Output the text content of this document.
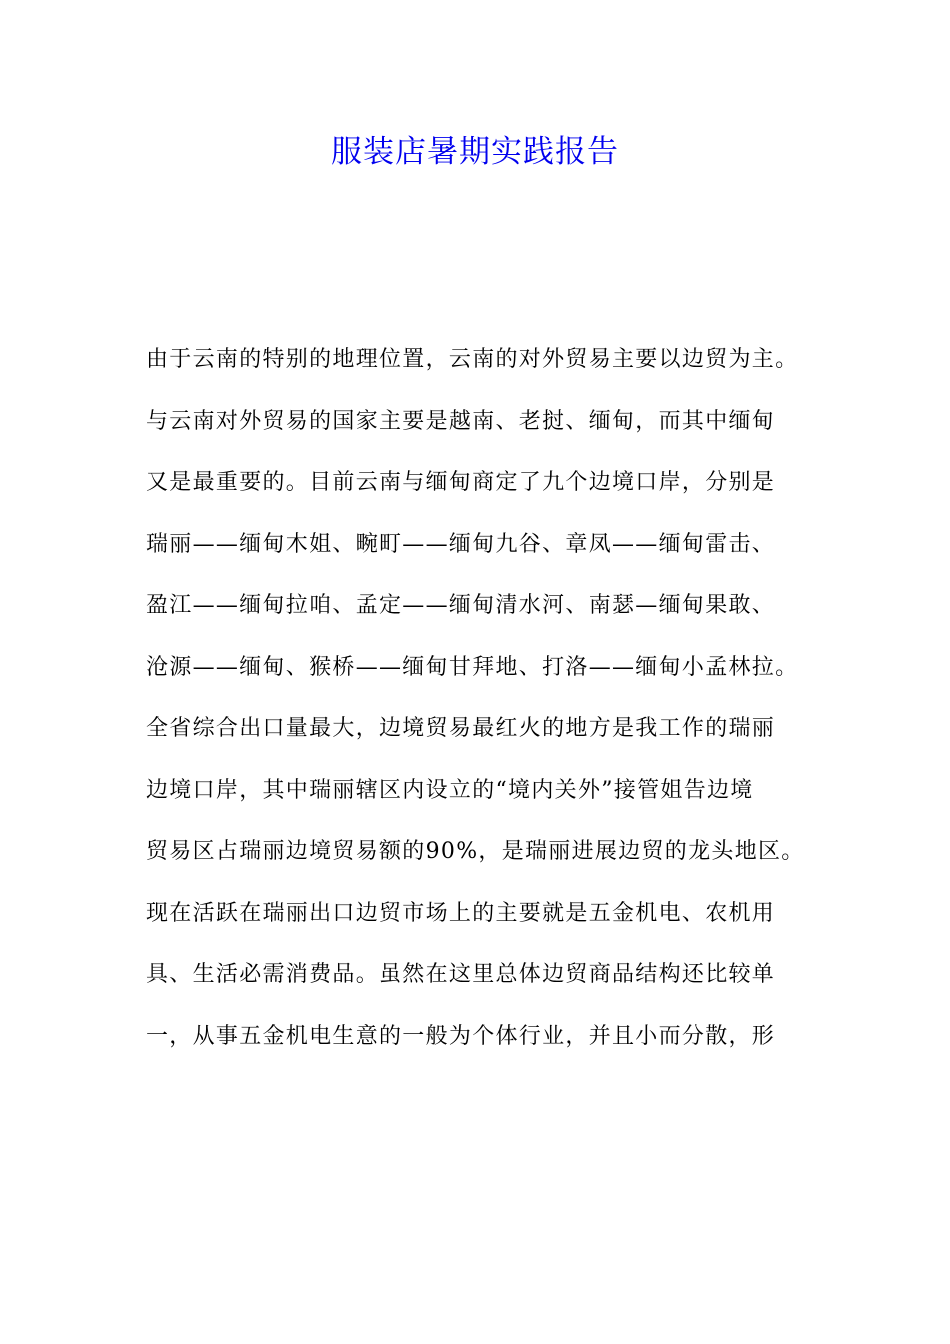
服装店暑期实践报告
由于云南的特别的地理位置，云南的对外贸易主要以边贸为主。
与云南对外贸易的国家主要是越南、老挝、缅甸，而其中缅甸
又是最重要的。目前云南与缅甸商定了九个边境口岸，分别是
瑞丽——缅甸木姐、畹町——缅甸九谷、章凤——缅甸雷击、
盈江——缅甸拉咱、孟定——缅甸清水河、南瑟—缅甸果敢、
沧源——缅甸、猴桥——缅甸甘拜地、打洛——缅甸小孟林拉。
全省综合出口量最大，边境贸易最红火的地方是我工作的瑞丽
边境口岸，其中瑞丽辖区内设立的“境内关外”接管姐告边境
贸易区占瑞丽边境贸易额的90%，是瑞丽进展边贸的龙头地区。
现在活跃在瑞丽出口边贸市场上的主要就是五金机电、农机用
具、生活必需消费品。虽然在这里总体边贸商品结构还比较单
一，从事五金机电生意的一般为个体行业，并且小而分散，形
